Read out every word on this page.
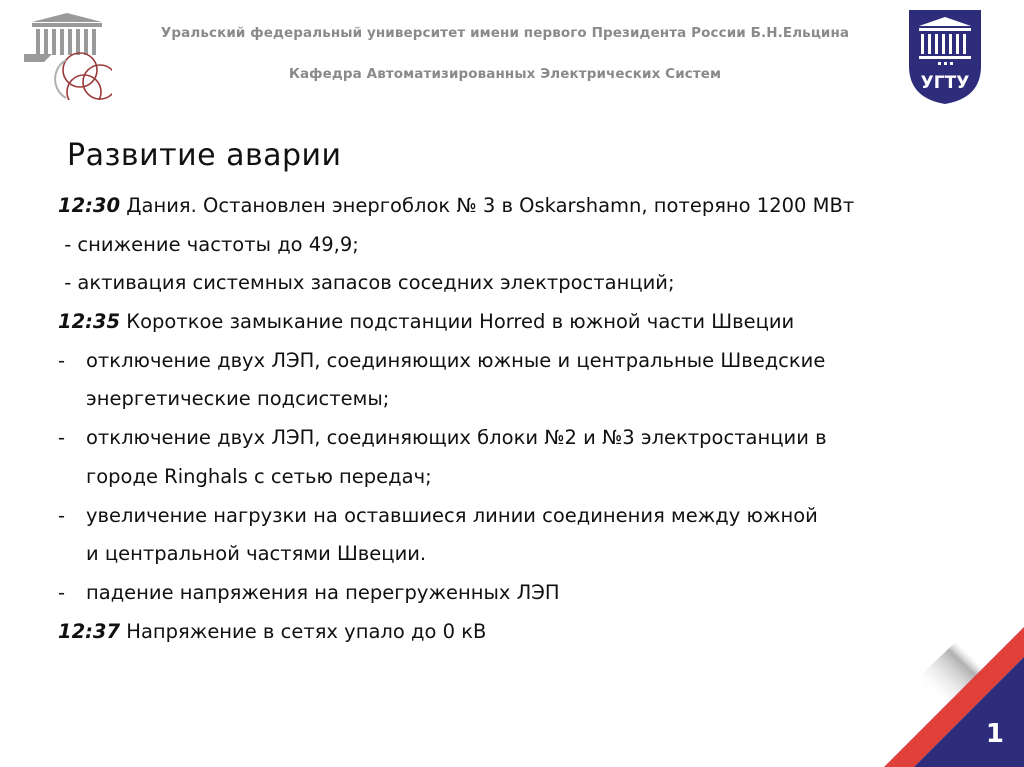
Уральский федеральный университет имени первого Президента России Б.Н.Ельцина
Кафедра Автоматизированных Электрических Систем	УГТУ
Развитие аварии
12:30 Дания. Остановлен энергоблок № 3 в Oskarshamn, потеряно 1200 МВт
- снижение частоты до 49,9;
- активация системных запасов соседних электростанций;
12:35 Короткое замыкание подстанции Horred в южной части Швеции
- отключение двух ЛЭП, соединяющих южные и центральные Шведские
энергетические подсистемы;
- отключение двух ЛЭП, соединяющих блоки №2 и №3 электростанции в
городе Ringhals с сетью передач;
- увеличение нагрузки на оставшиеся линии соединения между южной
и центральной частями Швеции.
- падение напряжения на перегруженных ЛЭП
12:37 Напряжение в сетях упало до 0 кВ
1
